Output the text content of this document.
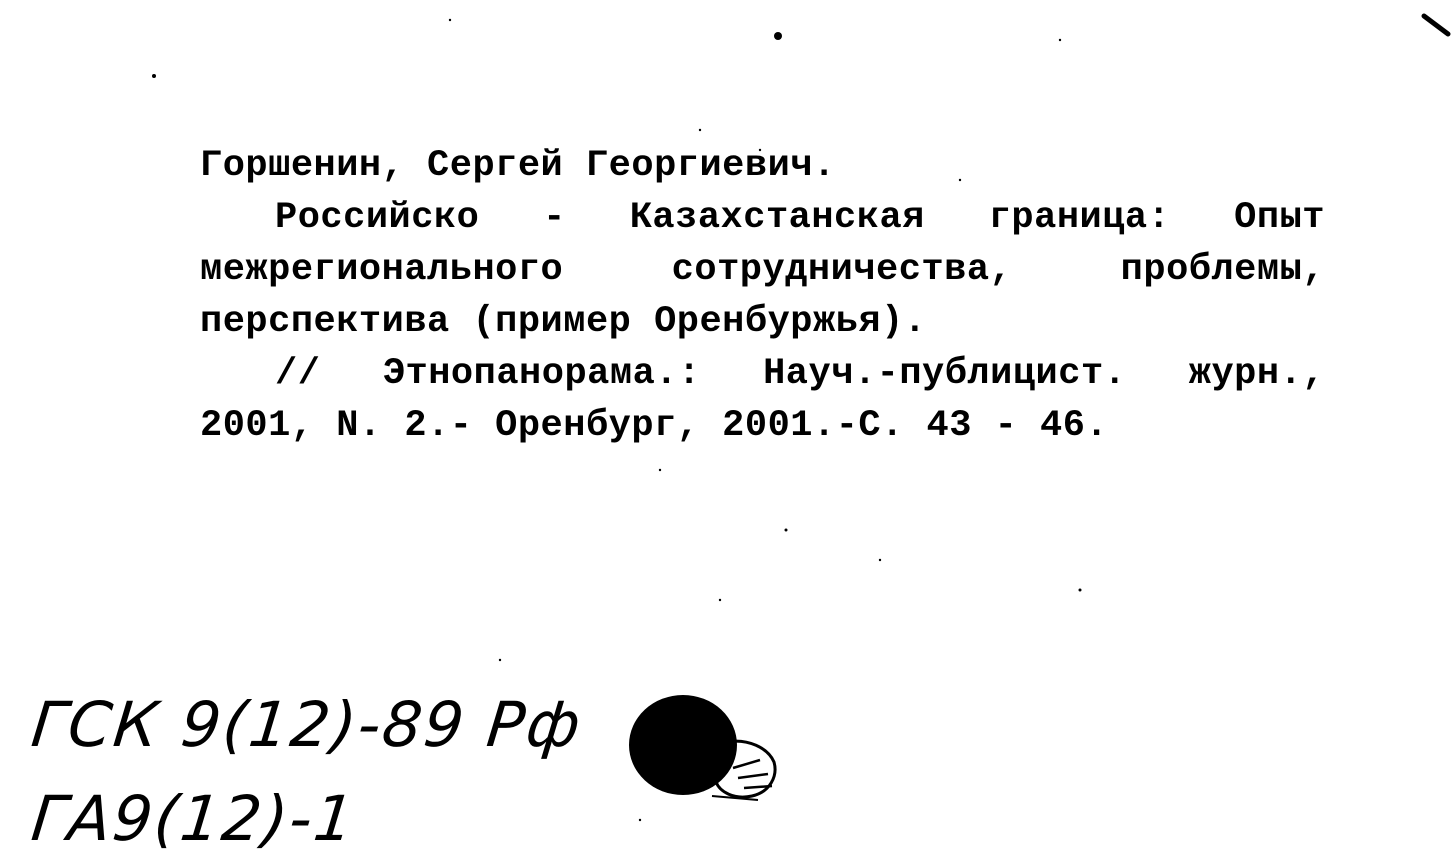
Горшенин, Сергей Георгиевич.
Российско - Казахстанская граница: Опыт
межрегионального сотрудничества, проблемы,
перспектива (пример Оренбуржья).
// Этнопанорама.: Науч.-публицист. журн.,
2001, N. 2.- Оренбург, 2001.-С. 43 - 46.
ГСК 9(12)-89 Рф
ГА9(12)-1
